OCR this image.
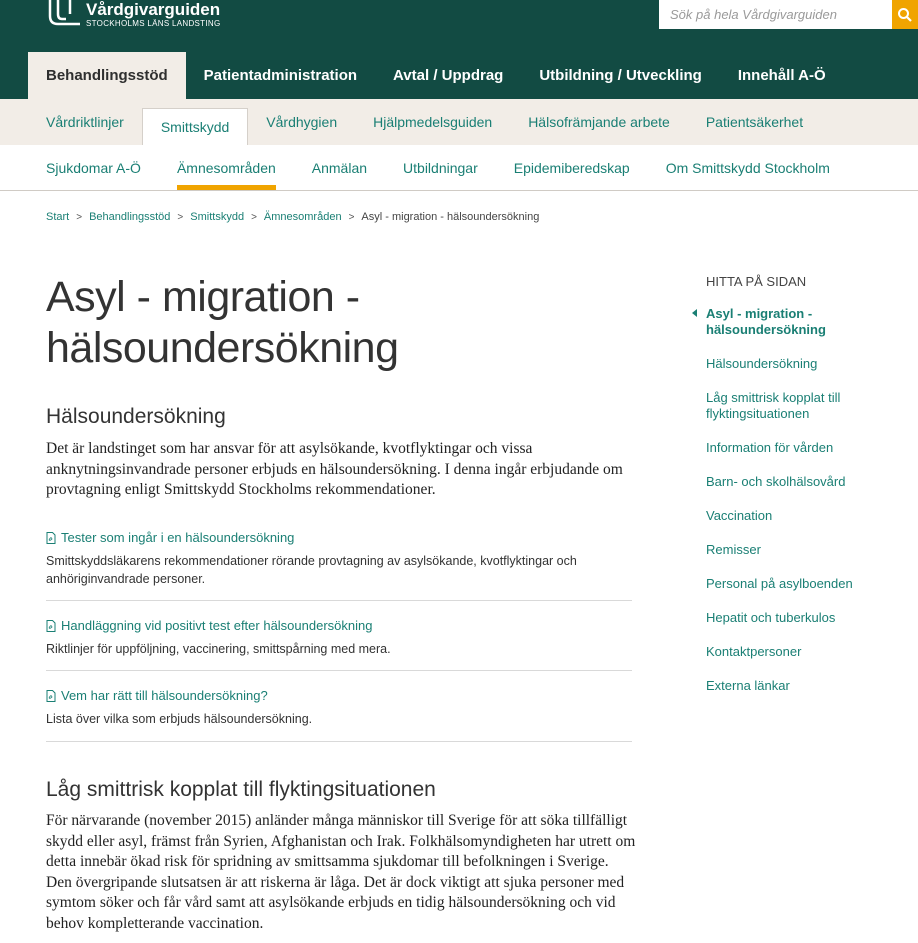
Vårdgivarguiden
STOCKHOLMS LÄNS LANDSTING
Sök på hela Vårdgivarguiden
Behandlingsstöd	Patientadministration	Avtal / Uppdrag	Utbildning / Utveckling	Innehåll A-Ö
Vårdriktlinjer	Smittskydd	Vårdhygien	Hjälpmedelsguiden	Hälsofrämjande arbete	Patientsäkerhet
Sjukdomar A-Ö	Ämnesområden	Anmälan	Utbildningar	Epidemiberedskap	Om Smittskydd Stockholm
Start > Behandlingsstöd > Smittskydd > Ämnesområden > Asyl - migration - hälsoundersökning
Asyl - migration - hälsoundersökning
Hälsoundersökning

Det är landstinget som har ansvar för att asylsökande, kvotflyktingar och vissa anknytningsinvandrade personer erbjuds en hälsoundersökning. I denna ingår erbjudande om provtagning enligt Smittskydd Stockholms rekommendationer.

Tester som ingår i en hälsoundersökning
Smittskyddsläkarens rekommendationer rörande provtagning av asylsökande, kvotflyktingar och anhöriginvandrade personer.
Handläggning vid positivt test efter hälsoundersökning
Riktlinjer för uppföljning, vaccinering, smittspårning med mera.
Vem har rätt till hälsoundersökning?
Lista över vilka som erbjuds hälsoundersökning.
Låg smittrisk kopplat till flyktingsituationen

För närvarande (november 2015) anländer många människor till Sverige för att söka tillfälligt skydd eller asyl, främst från Syrien, Afghanistan och Irak. Folkhälsomyndigheten har utrett om detta innebär ökad risk för spridning av smittsamma sjukdomar till befolkningen i Sverige. Den övergripande slutsatsen är att riskerna är låga. Det är dock viktigt att sjuka personer med symtom söker och får vård samt att asylsökande erbjuds en tidig hälsoundersökning och vid behov kompletterande vaccination.

HITTA PÅ SIDAN
Asyl - migration - hälsoundersökning
Hälsoundersökning
Låg smittrisk kopplat till flyktingsituationen
Information för vården
Barn- och skolhälsovård
Vaccination
Remisser
Personal på asylboenden
Hepatit och tuberkulos
Kontaktpersoner
Externa länkar
